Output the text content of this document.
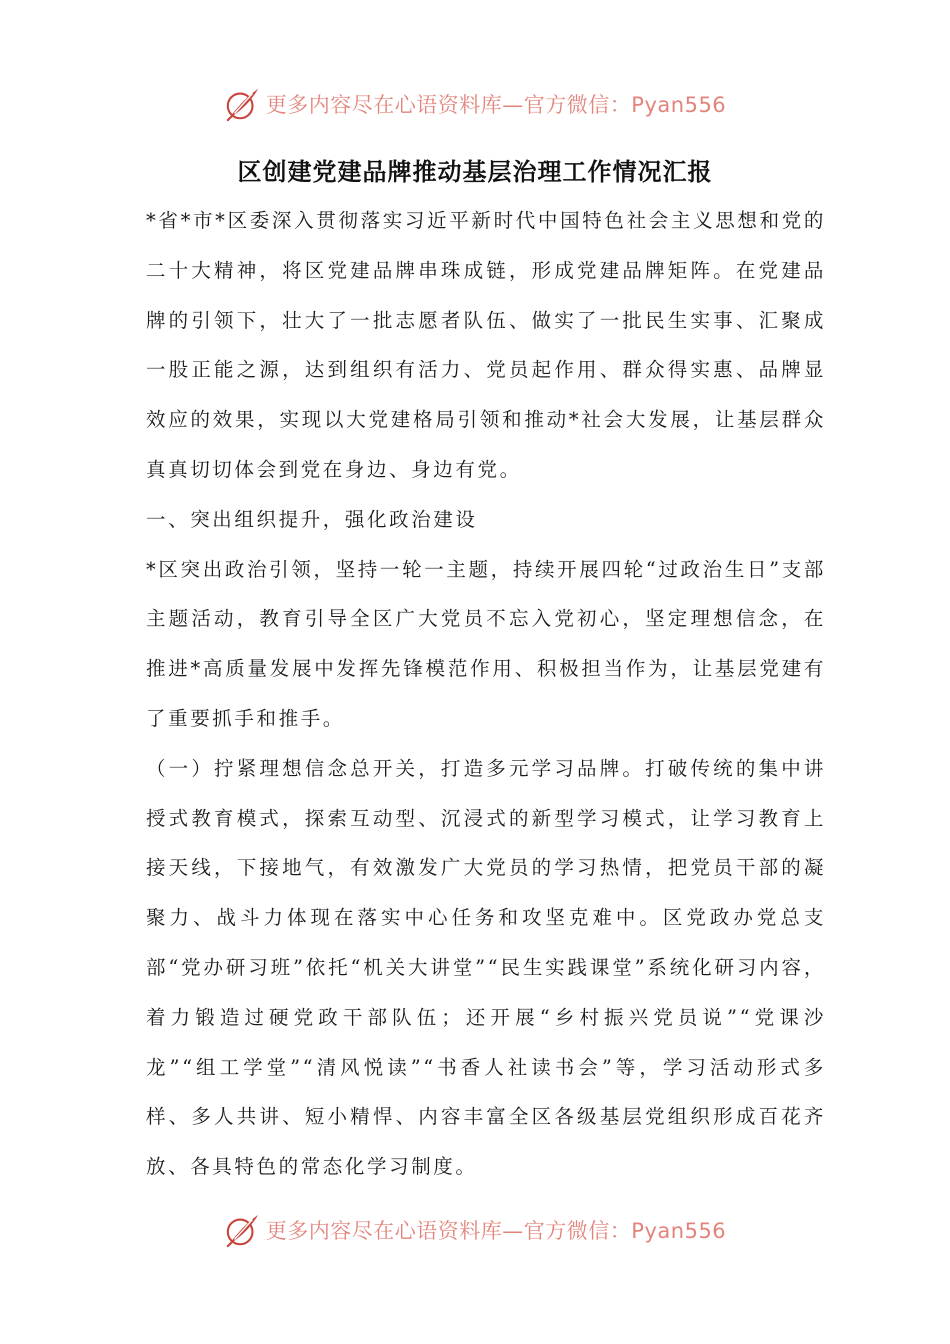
更多内容尽在心语资料库—官方微信：Pyan556
区创建党建品牌推动基层治理工作情况汇报

*省*市*区委深入贯彻落实习近平新时代中国特色社会主义思想和党的二十大精神，将区党建品牌串珠成链，形成党建品牌矩阵。在党建品牌的引领下，壮大了一批志愿者队伍、做实了一批民生实事、汇聚成一股正能之源，达到组织有活力、党员起作用、群众得实惠、品牌显效应的效果，实现以大党建格局引领和推动*社会大发展，让基层群众真真切切体会到党在身边、身边有党。

一、突出组织提升，强化政治建设

*区突出政治引领，坚持一轮一主题，持续开展四轮“过政治生日”支部主题活动，教育引导全区广大党员不忘入党初心，坚定理想信念，在推进*高质量发展中发挥先锋模范作用、积极担当作为，让基层党建有了重要抓手和推手。

（一）拧紧理想信念总开关，打造多元学习品牌。打破传统的集中讲授式教育模式，探索互动型、沉浸式的新型学习模式，让学习教育上接天线，下接地气，有效激发广大党员的学习热情，把党员干部的凝聚力、战斗力体现在落实中心任务和攻坚克难中。区党政办党总支部“党办研习班”依托“机关大讲堂”“民生实践课堂”系统化研习内容，着力锻造过硬党政干部队伍；还开展“乡村振兴党员说”“党课沙龙”“组工学堂”“清风悦读”“书香人社读书会”等，学习活动形式多样、多人共讲、短小精悍、内容丰富全区各级基层党组织形成百花齐放、各具特色的常态化学习制度。

更多内容尽在心语资料库—官方微信：Pyan556
